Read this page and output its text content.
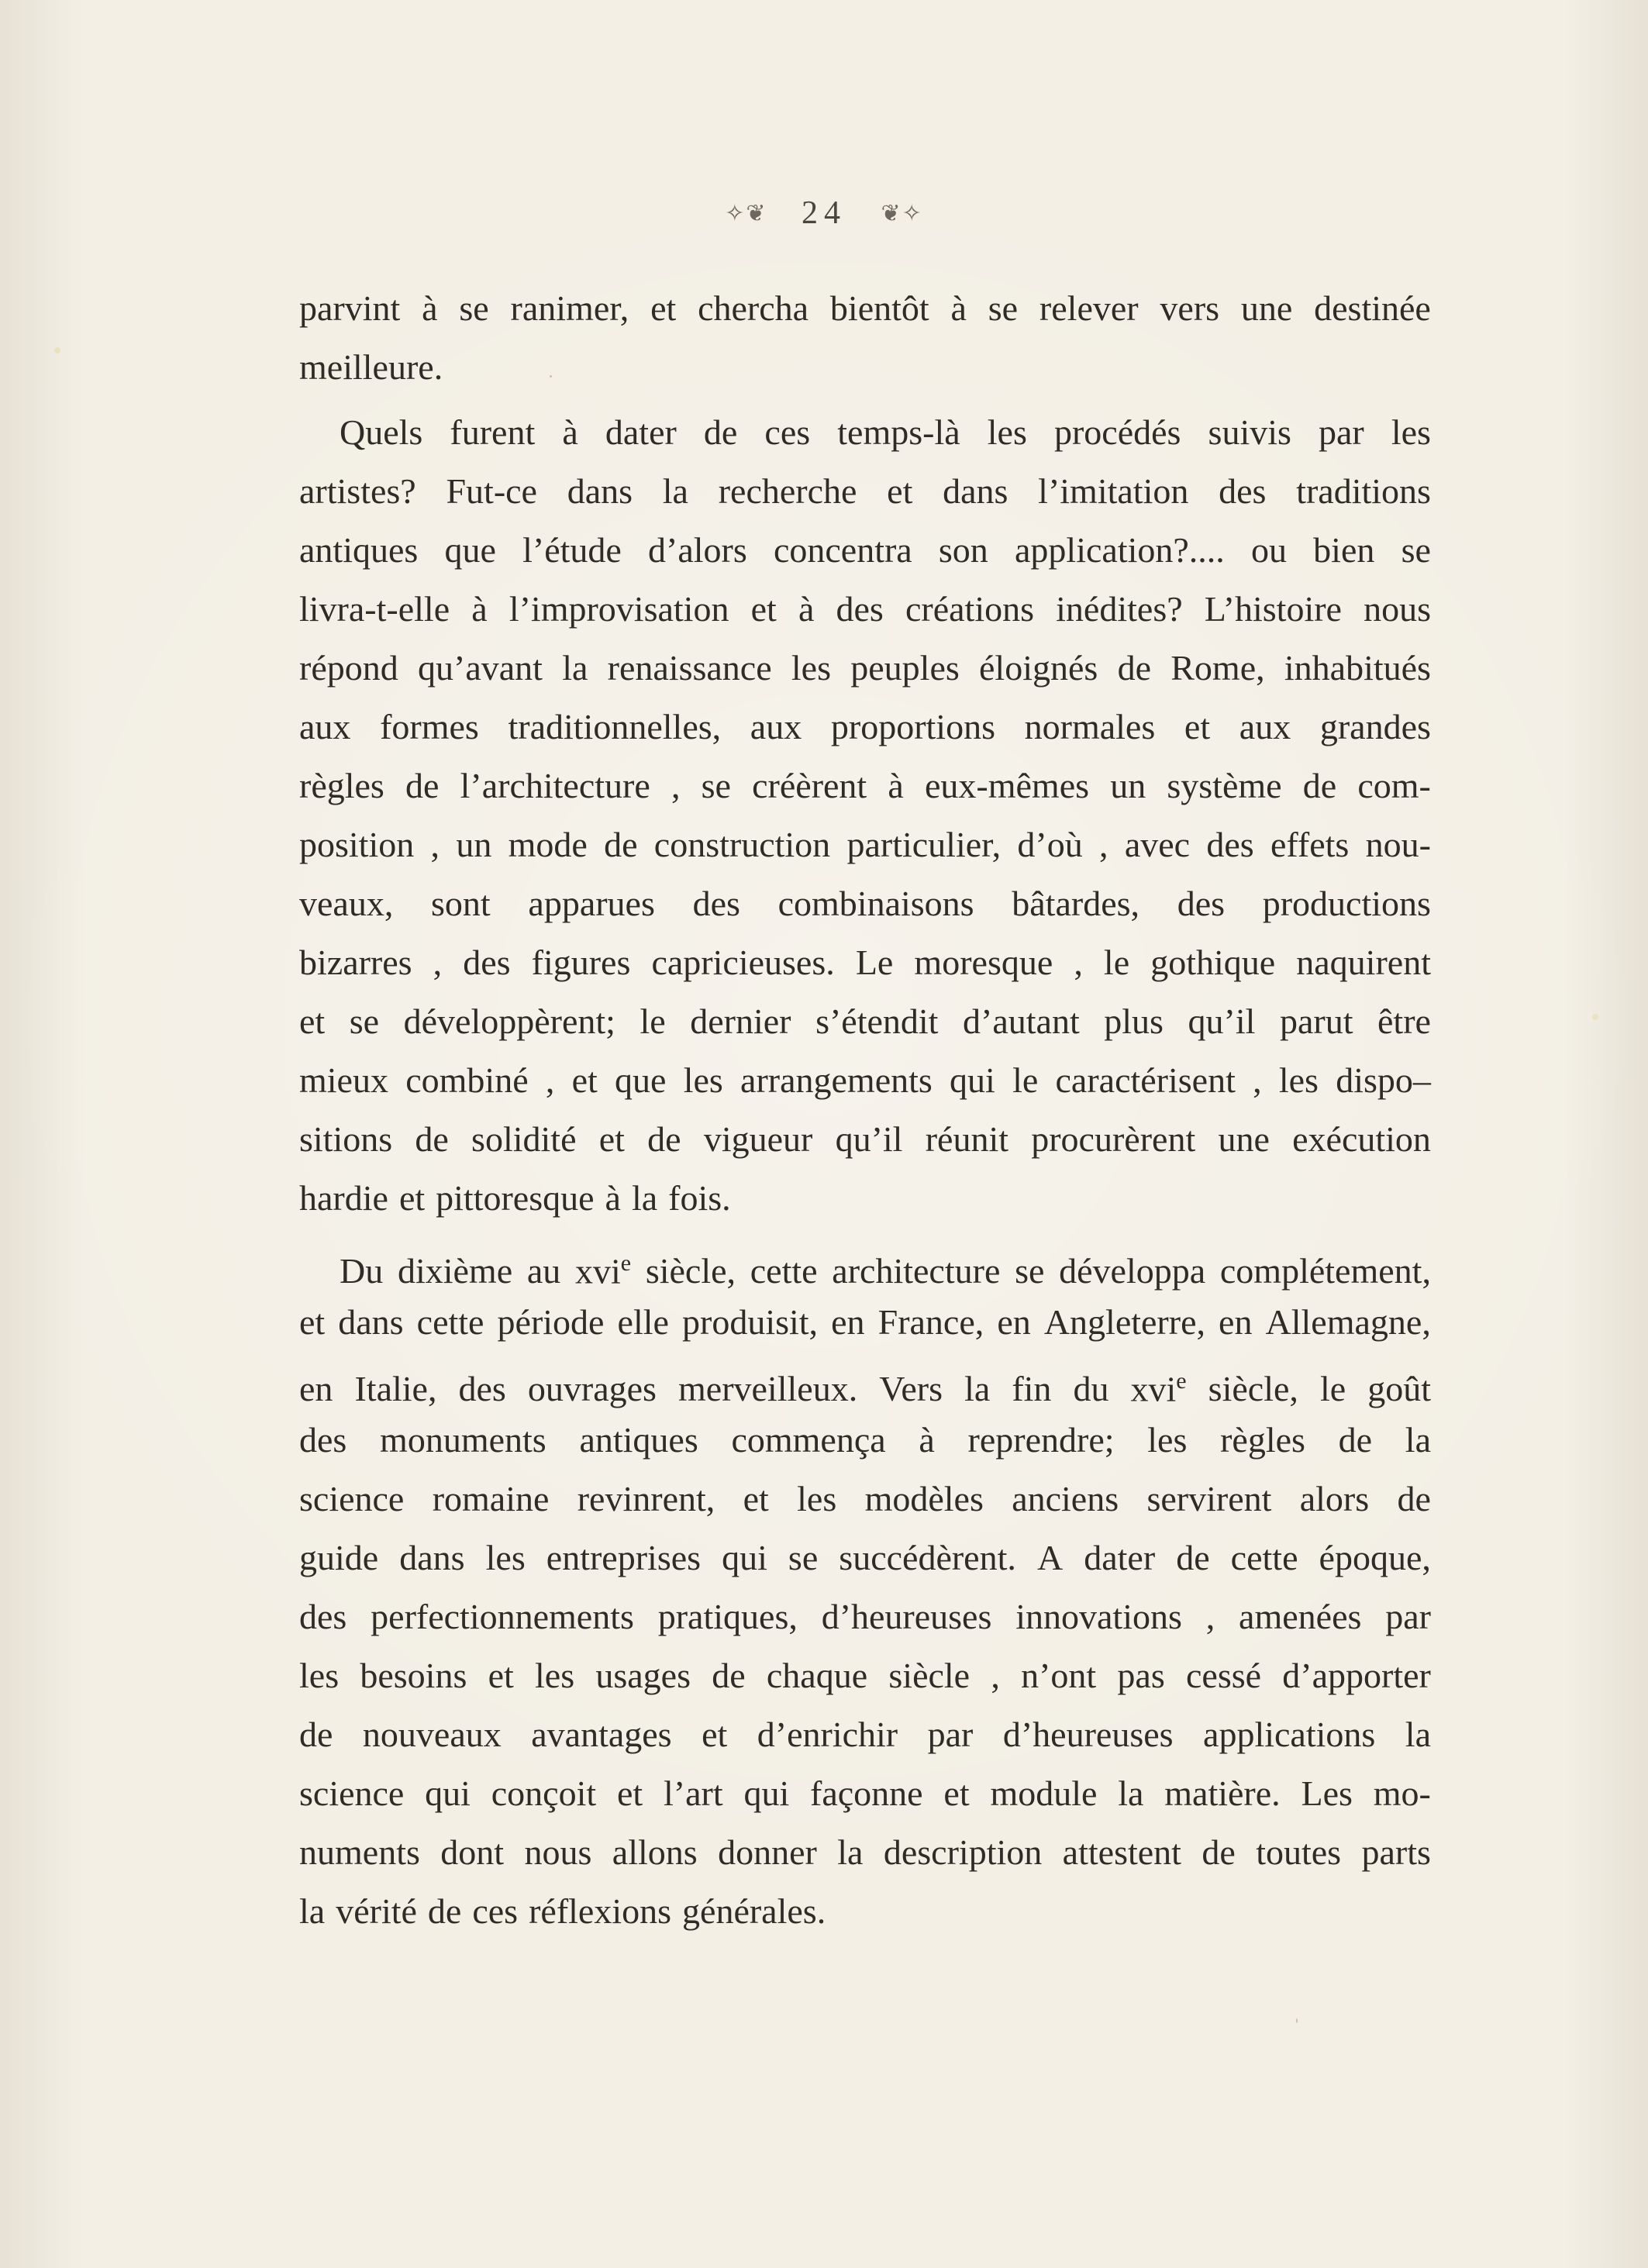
✧❦ 24 ❦✧
parvint à se ranimer, et chercha bientôt à se relever vers une destinée
meilleure.
Quels furent à dater de ces temps-là les procédés suivis par les
artistes? Fut-ce dans la recherche et dans l’imitation des traditions
antiques que l’étude d’alors concentra son application?.... ou bien se
livra-t-elle à l’improvisation et à des créations inédites? L’histoire nous
répond qu’avant la renaissance les peuples éloignés de Rome, inhabitués
aux formes traditionnelles, aux proportions normales et aux grandes
règles de l’architecture , se créèrent à eux-mêmes un système de com-
position , un mode de construction particulier, d’où , avec des effets nou-
veaux, sont apparues des combinaisons bâtardes, des productions
bizarres , des figures capricieuses. Le moresque , le gothique naquirent
et se développèrent; le dernier s’étendit d’autant plus qu’il parut être
mieux combiné , et que les arrangements qui le caractérisent , les dispo–
sitions de solidité et de vigueur qu’il réunit procurèrent une exécution
hardie et pittoresque à la fois.
Du dixième au xvi$^e$ siècle, cette architecture se développa complétement,
et dans cette période elle produisit, en France, en Angleterre, en Allemagne,
en Italie, des ouvrages merveilleux. Vers la fin du xvi$^e$ siècle, le goût
des monuments antiques commença à reprendre; les règles de la
science romaine revinrent, et les modèles anciens servirent alors de
guide dans les entreprises qui se succédèrent. A dater de cette époque,
des perfectionnements pratiques, d’heureuses innovations , amenées par
les besoins et les usages de chaque siècle , n’ont pas cessé d’apporter
de nouveaux avantages et d’enrichir par d’heureuses applications la
science qui conçoit et l’art qui façonne et module la matière. Les mo-
numents dont nous allons donner la description attestent de toutes parts
la vérité de ces réflexions générales.
